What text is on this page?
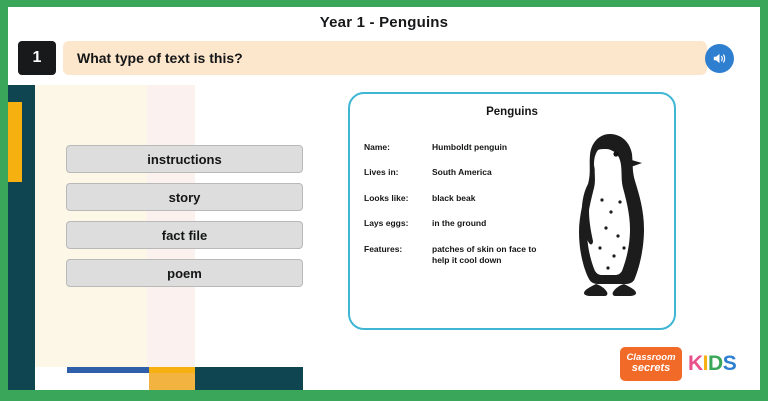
Year 1 - Penguins
1	What type of text is this?
instructions
story
fact file
poem
Penguins
Name:	Humboldt penguin
Lives in:	South America
Looks like:	black beak
Lays eggs:	in the ground
Features:	patches of skin on face to help it cool down
Classroom
secrets KIDS
